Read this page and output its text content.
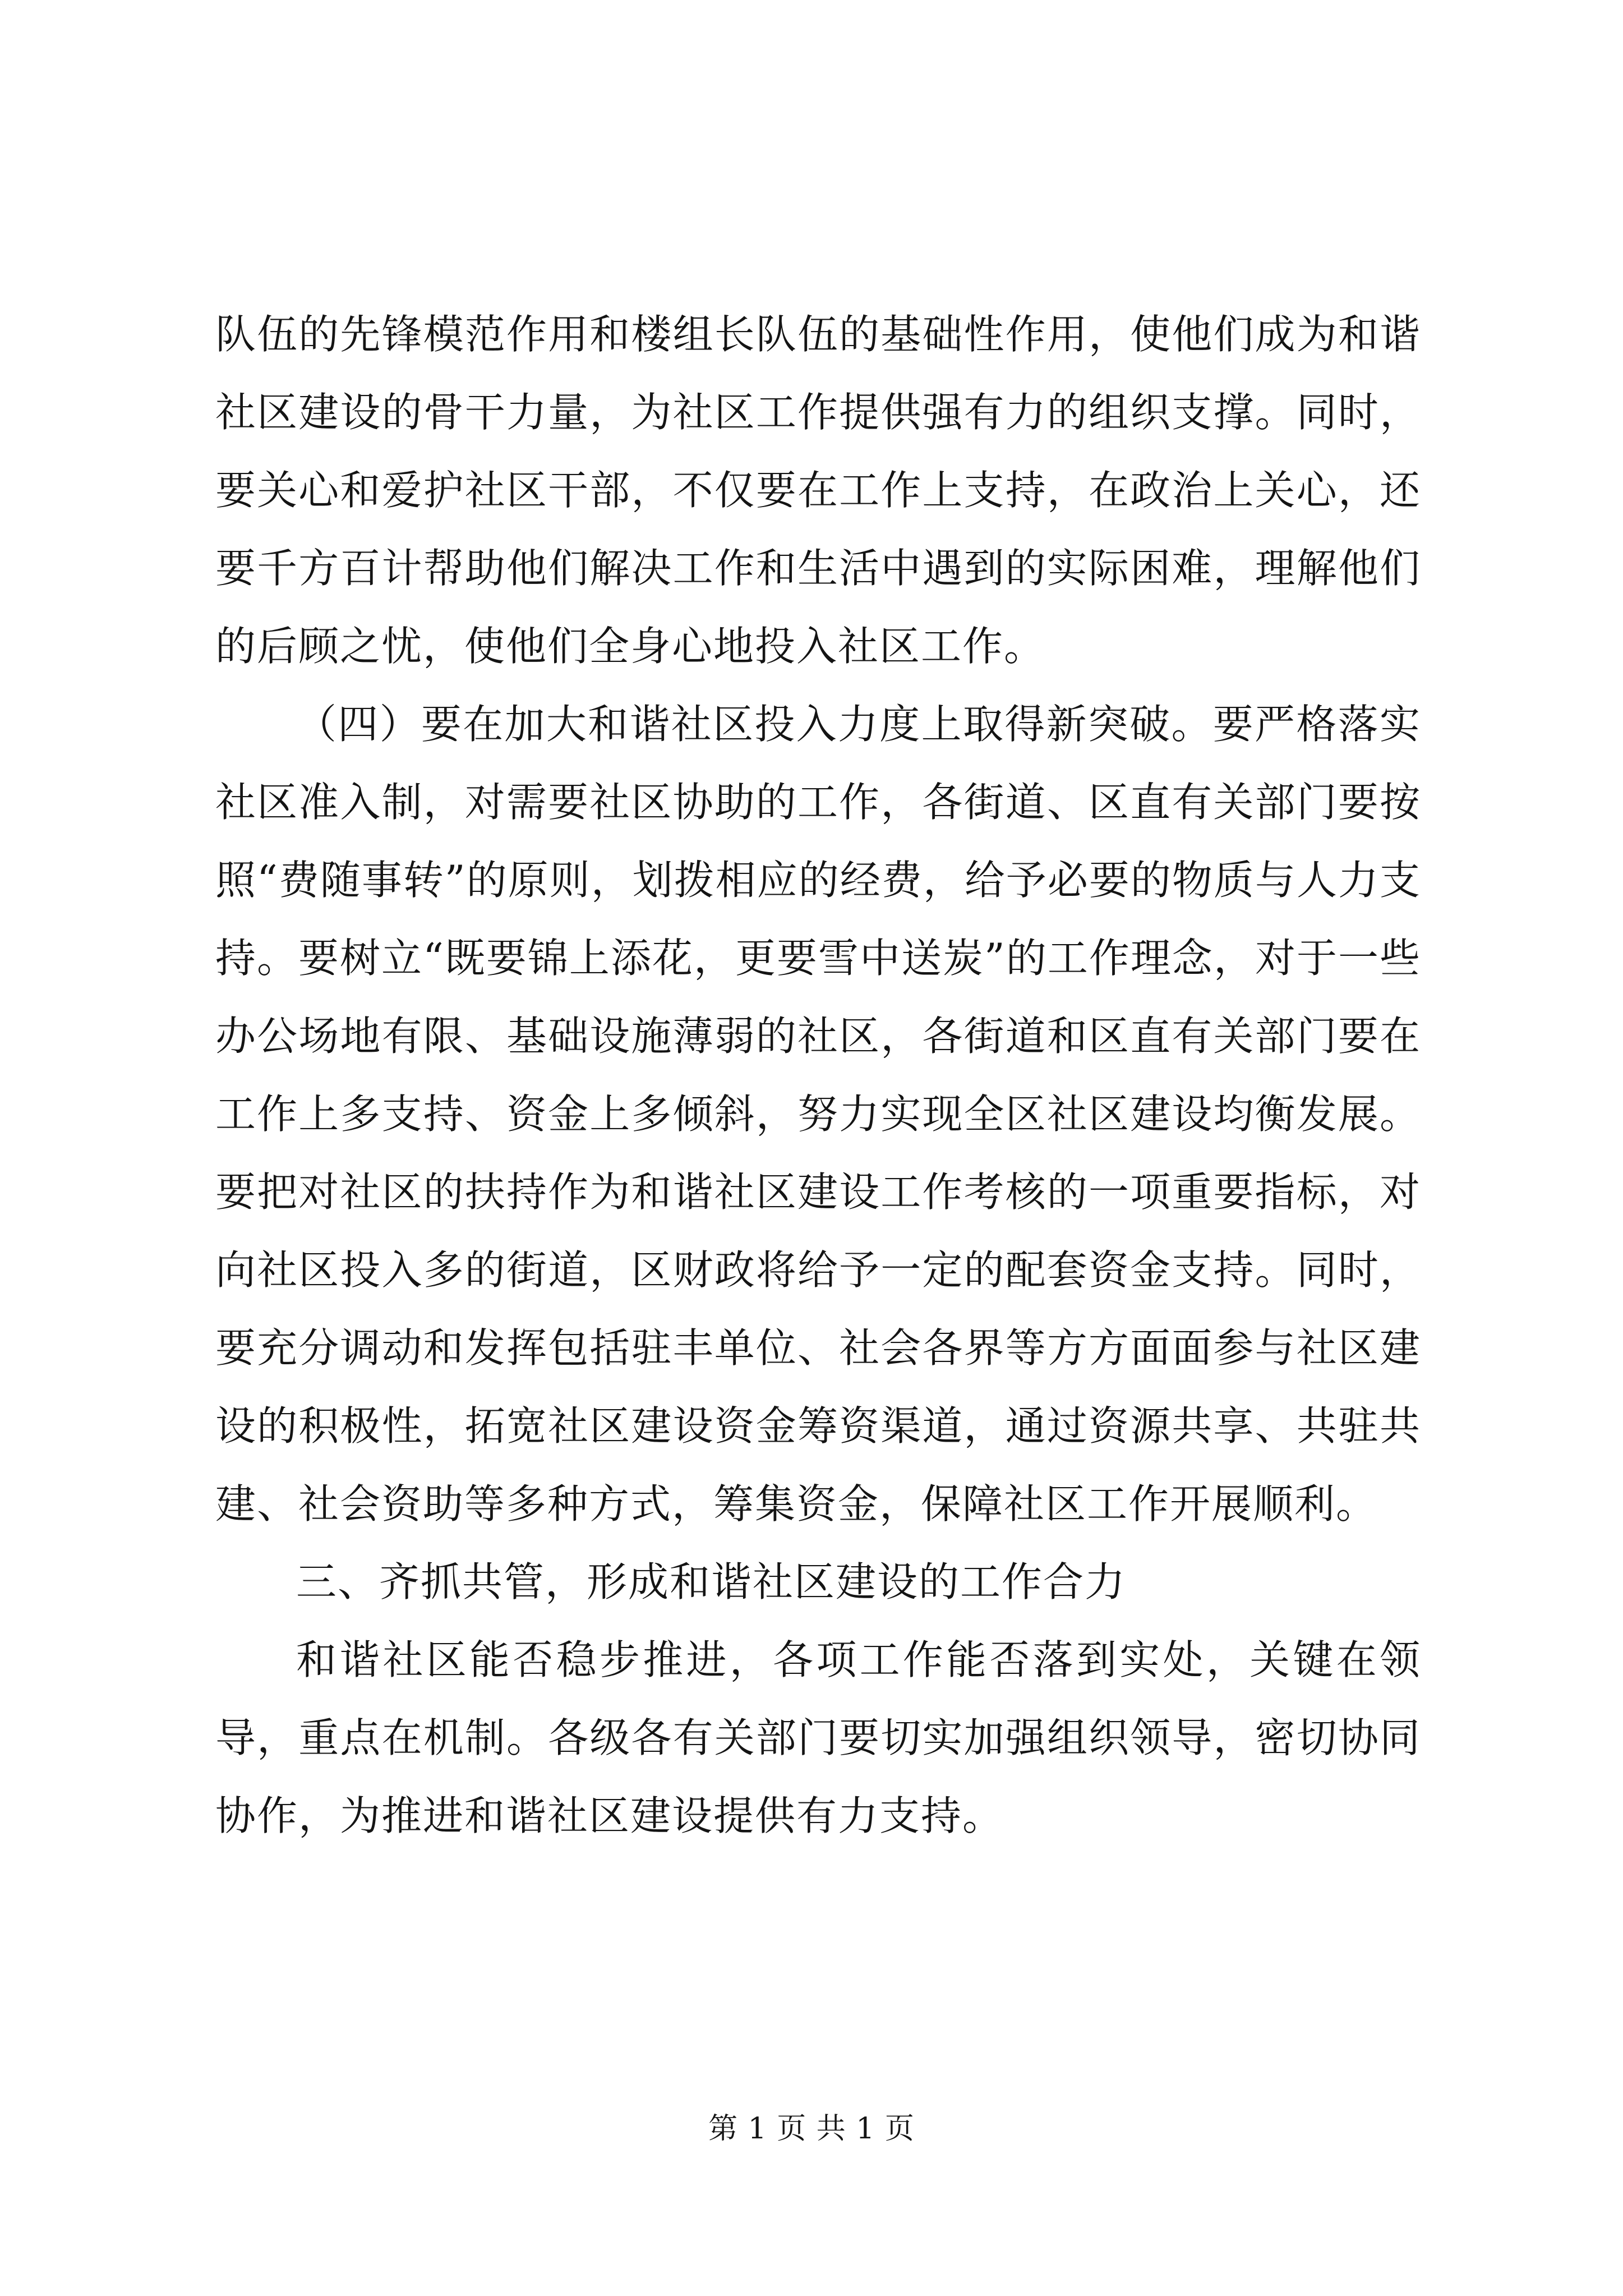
队伍的先锋模范作用和楼组长队伍的基础性作用，使他们成为和谐社区建设的骨干力量，为社区工作提供强有力的组织支撑。同时，要关心和爱护社区干部，不仅要在工作上支持，在政治上关心，还要千方百计帮助他们解决工作和生活中遇到的实际困难，理解他们的后顾之忧，使他们全身心地投入社区工作。

（四）要在加大和谐社区投入力度上取得新突破。要严格落实社区准入制，对需要社区协助的工作，各街道、区直有关部门要按照“费随事转”的原则，划拨相应的经费，给予必要的物质与人力支持。要树立“既要锦上添花，更要雪中送炭”的工作理念，对于一些办公场地有限、基础设施薄弱的社区，各街道和区直有关部门要在工作上多支持、资金上多倾斜，努力实现全区社区建设均衡发展。要把对社区的扶持作为和谐社区建设工作考核的一项重要指标，对向社区投入多的街道，区财政将给予一定的配套资金支持。同时，要充分调动和发挥包括驻丰单位、社会各界等方方面面参与社区建设的积极性，拓宽社区建设资金筹资渠道，通过资源共享、共驻共建、社会资助等多种方式，筹集资金，保障社区工作开展顺利。

三、齐抓共管，形成和谐社区建设的工作合力

和谐社区能否稳步推进，各项工作能否落到实处，关键在领导，重点在机制。各级各有关部门要切实加强组织领导，密切协同协作，为推进和谐社区建设提供有力支持。

第 1 页 共 1 页
